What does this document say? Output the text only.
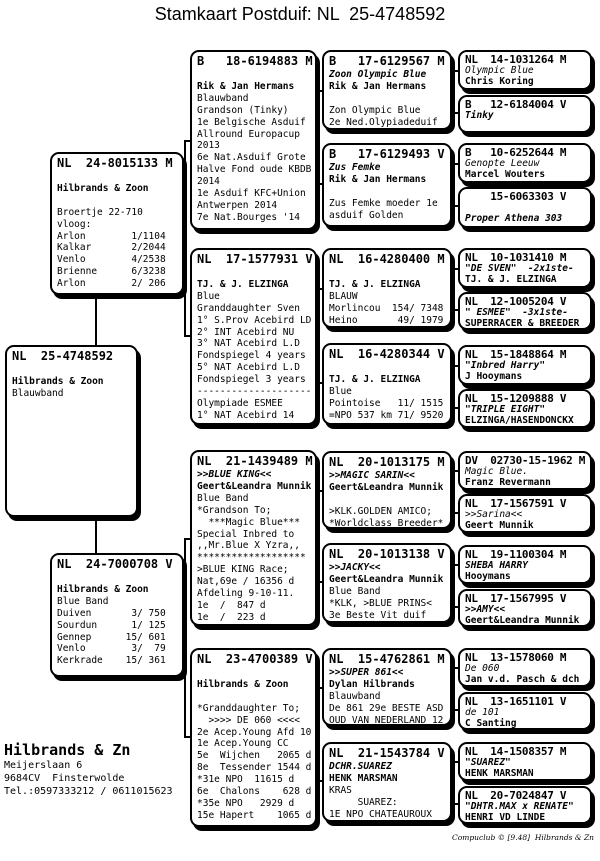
Stamkaart Postduif: NL  25-4748592
NL  25-4748592
Hilbrands & Zoon
Blauwband
NL  24-8015133 M
Hilbrands & Zoon
Broertje 22-710
vloog:
Arlon        1/1104
Kalkar       2/2044
Venlo        4/2538
Brienne      6/3238
Arlon        2/ 206
NL  24-7000708 V
Hilbrands & Zoon
Blue Band
Duiven       3/ 750
Sourdun      1/ 125
Gennep      15/ 601
Venlo        3/  79
Kerkrade    15/ 361
B   18-6194883 M
Rik & Jan Hermans
Blauwband
Grandson (Tinky)
1e Belgische Asduif
Allround Europacup
2013
6e Nat.Asduif Grote
Halve Fond oude KBDB
2014
1e Asduif KFC+Union
Antwerpen 2014
7e Nat.Bourges '14
NL  17-1577931 V
TJ. & J. ELZINGA
Blue
Granddaughter Sven
1° S.Prov Acebird LD
2° INT Acebird NU
3° NAT Acebird L.D
Fondspiegel 4 years
5° NAT Acebird L.D
Fondspiegel 3 years
--------------------
Olympiade ESMEE
1° NAT Acebird 14
NL  21-1439489 M
>>BLUE KING<<
Geert&Leandra Munnik
Blue Band
*Grandson To;
***Magic Blue***
Special Inbred to
,,Mr.Blue X Yzra,,
*******************
>BLUE KING Race;
Nat,69e / 16356 d
Afdeling 9-10-11.
1e  /  847 d
1e  /  223 d
NL  23-4700389 V
Hilbrands & Zoon
*Granddaughter To;
>>>> DE 060 <<<<
2e Acep.Young Afd 10
1e Acep.Young CC
5e  Wijchen   2065 d
8e  Tessender 1544 d
*31e NPO  11615 d
6e  Chalons    628 d
*35e NPO   2929 d
15e Hapert    1065 d
B   17-6129567 M
Zoon Olympic Blue
Rik & Jan Hermans
Zon Olympic Blue
2e Ned.Olypiadeduif
B   17-6129493 V
Zus Femke
Rik & Jan Hermans
Zus Femke moeder 1e
asduif Golden
NL  16-4280400 M
TJ. & J. ELZINGA
BLAUW
Morlincou  154/ 7348
Heino       49/ 1979
NL  16-4280344 V
TJ. & J. ELZINGA
Blue
Pointoise   11/ 1515
=NPO 537 km 71/ 9520
NL  20-1013175 M
>>MAGIC SARIN<<
Geert&Leandra Munnik
>KLK.GOLDEN AMICO;
*Worldclass Breeder*
NL  20-1013138 V
>>JACKY<<
Geert&Leandra Munnik
Blue Band
*KLK, >BLUE PRINS<
3e Beste Vit duif
NL  15-4762861 M
>>SUPER 861<<
Dylan Hilbrands
Blauwband
De 861 29e BESTE ASD
OUD VAN NEDERLAND 12
NL  21-1543784 V
DCHR.SUAREZ
HENK MARSMAN
KRAS
SUAREZ:
1E NPO CHATEAUROUX
NL  14-1031264 M
Olympic Blue
Chris Koring
B   12-6184004 V
Tinky
B   10-6252644 M
Genopte Leeuw
Marcel Wouters
15-6063303 V
Proper Athena 303
NL  10-1031410 M
"DE SVEN"  -2x1ste-
TJ. & J. ELZINGA
NL  12-1005204 V
" ESMEE"  -3x1ste-
SUPERRACER & BREEDER
NL  15-1848864 M
"Inbred Harry"
J Hooymans
NL  15-1209888 V
"TRIPLE EIGHT"
ELZINGA/HASENDONCKX
DV  02730-15-1962 M
Magic Blue.
Franz Revermann
NL  17-1567591 V
>>Sarina<<
Geert Munnik
NL  19-1100304 M
SHEBA HARRY
Hooymans
NL  17-1567995 V
>>AMY<<
Geert&Leandra Munnik
NL  13-1578060 M
De 060
Jan v.d. Pasch & dch
NL  13-1651101 V
de 101
C Santing
NL  14-1508357 M
"SUAREZ"
HENK MARSMAN
NL  20-7024847 V
"DHTR.MAX x RENATE"
HENRI VD LINDE
Hilbrands & Zn
Meijerslaan 6
9684CV  Finsterwolde
Tel.:0597333212 / 0611015623
Compuclub © [9.48]  Hilbrands & Zn
